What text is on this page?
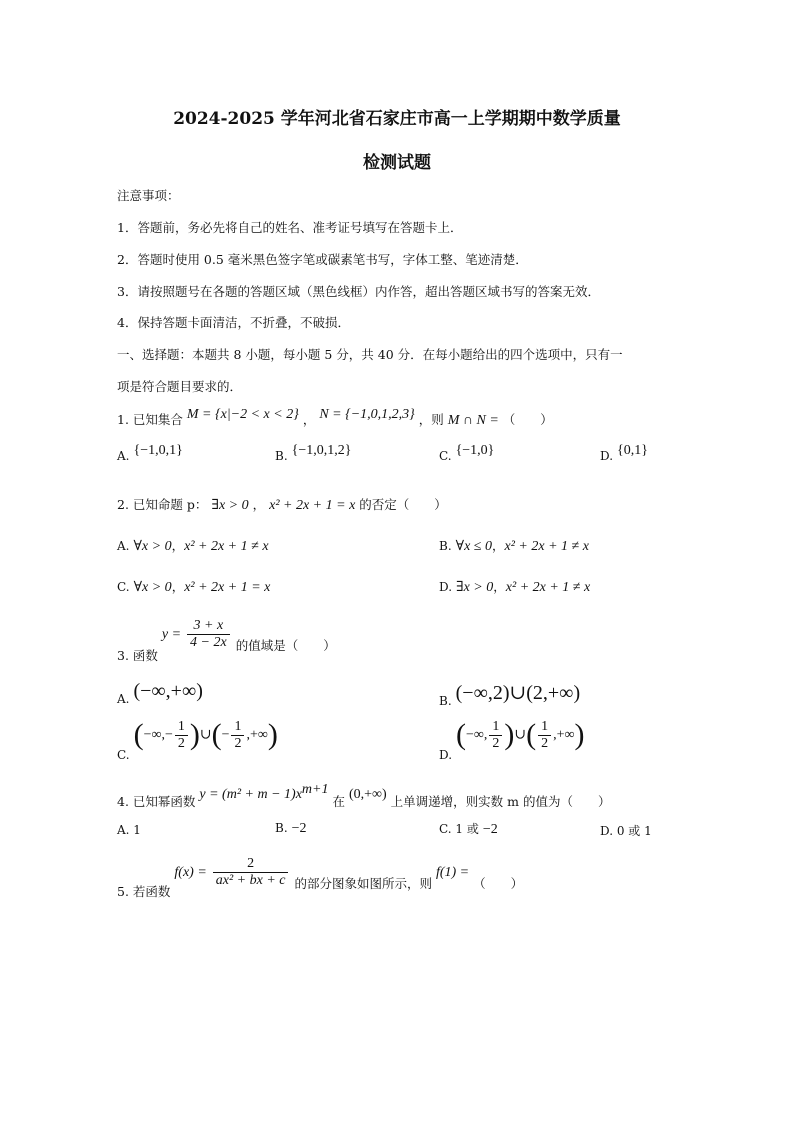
2024-2025 学年河北省石家庄市高一上学期期中数学质量
检测试题
注意事项：
1．答题前，务必先将自己的姓名、准考证号填写在答题卡上．
2．答题时使用 0.5 毫米黑色签字笔或碳素笔书写，字体工整、笔迹清楚．
3．请按照题号在各题的答题区域（黑色线框）内作答，超出答题区域书写的答案无效．
4．保持答题卡面清洁，不折叠，不破损．
一、选择题：本题共 8 小题，每小题 5 分，共 40 分．在每小题给出的四个选项中，只有一
项是符合题目要求的．
1. 已知集合 M = {x|−2 < x < 2} ， N = {−1,0,1,2,3} ，则 M ∩ N = （　　）
A. {−1,0,1}	B. {−1,0,1,2}	C. {−1,0}	D. {0,1}
2. 已知命题 p： ∃x > 0 ， x² + 2x + 1 = x 的否定（　　）
A. ∀x > 0，x² + 2x + 1 ≠ x	B. ∀x ≤ 0，x² + 2x + 1 ≠ x
C. ∀x > 0，x² + 2x + 1 = x	D. ∃x > 0，x² + 2x + 1 ≠ x
3. 函数 $y = \frac{3 + x}{4 - 2x}$ 的值域是（　　）
A. (−∞,+∞)	B. (−∞,2)∪(2,+∞)
C. (−∞,− $\frac{1}{2}$ )∪(− $\frac{1}{2}$ ,+∞)
D. (−∞, $\frac{1}{2}$ )∪( $\frac{1}{2}$ ,+∞)
4. 已知幂函数 $y = (m^2 + m - 1)x^{m+1}$ 在 (0,+∞) 上单调递增，则实数 m 的值为（　　）
A. 1	B. −2	C. 1 或 −2	D. 0 或 1
5. 若函数 $f(x) = \frac{2}{\text{ax² + bx + c}}$ 的部分图象如图所示，则 f(1) = （　　）
